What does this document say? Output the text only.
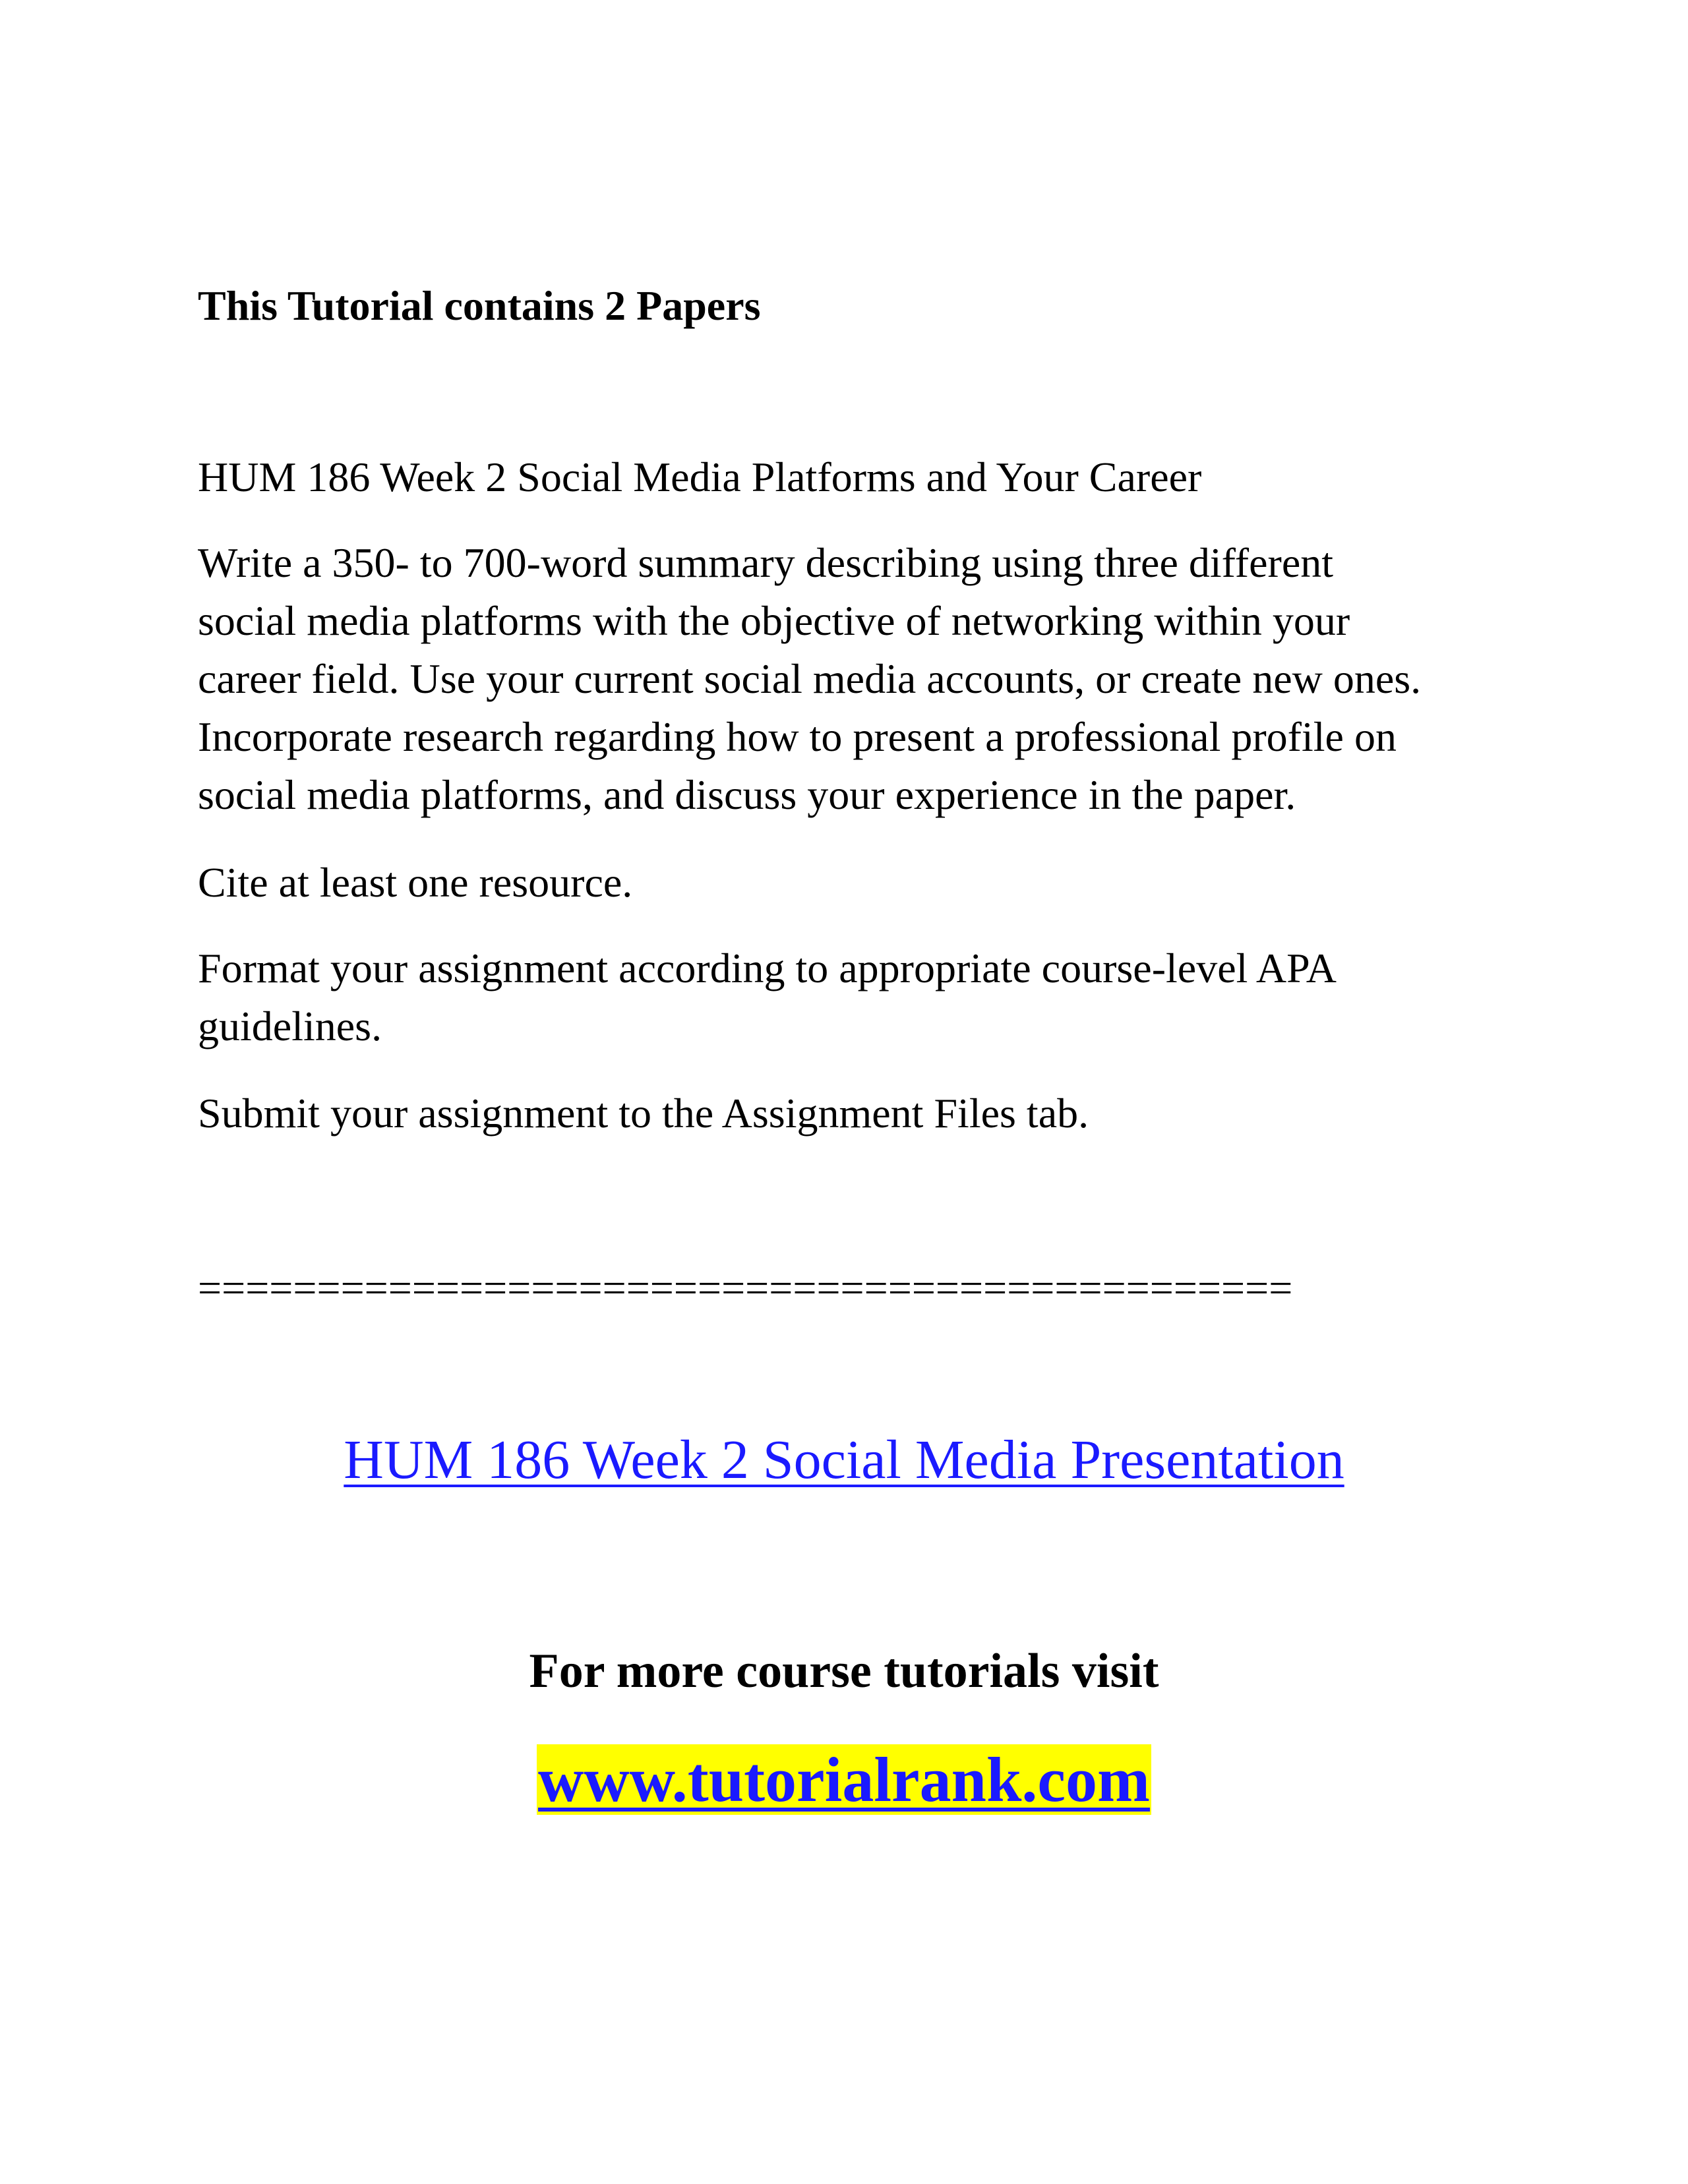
This Tutorial contains 2 Papers

HUM 186 Week 2 Social Media Platforms and Your Career

Write a 350- to 700-word summary describing using three different
social media platforms with the objective of networking within your
career field. Use your current social media accounts, or create new ones.
Incorporate research regarding how to present a professional profile on
social media platforms, and discuss your experience in the paper.

Cite at least one resource.

Format your assignment according to appropriate course-level APA
guidelines.

Submit your assignment to the Assignment Files tab.

==============================================

HUM 186 Week 2 Social Media Presentation

For more course tutorials visit

www.tutorialrank.com
